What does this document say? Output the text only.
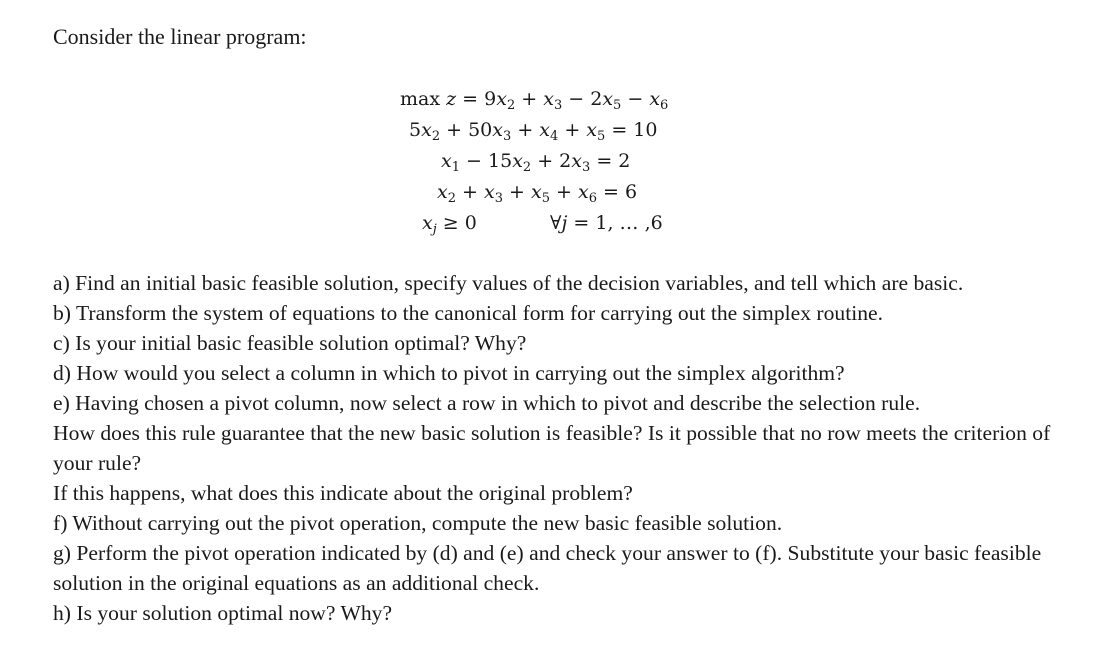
Consider the linear program:
$\max z = 9x_2 + x_3 - 2x_5 - x_6$
$5x_2 + 50x_3 + x_4 + x_5 = 10$
$x_1 - 15x_2 + 2x_3 = 2$
$x_2 + x_3 + x_5 + x_6 = 6$
$x_j \ge 0$	∀j = 1, … ,6
a) Find an initial basic feasible solution, specify values of the decision variables, and tell which are basic.
b) Transform the system of equations to the canonical form for carrying out the simplex routine.
c) Is your initial basic feasible solution optimal? Why?
d) How would you select a column in which to pivot in carrying out the simplex algorithm?
e) Having chosen a pivot column, now select a row in which to pivot and describe the selection rule.
How does this rule guarantee that the new basic solution is feasible? Is it possible that no row meets the criterion of your rule?
If this happens, what does this indicate about the original problem?
f) Without carrying out the pivot operation, compute the new basic feasible solution.
g) Perform the pivot operation indicated by (d) and (e) and check your answer to (f). Substitute your basic feasible solution in the original equations as an additional check.
h) Is your solution optimal now? Why?
